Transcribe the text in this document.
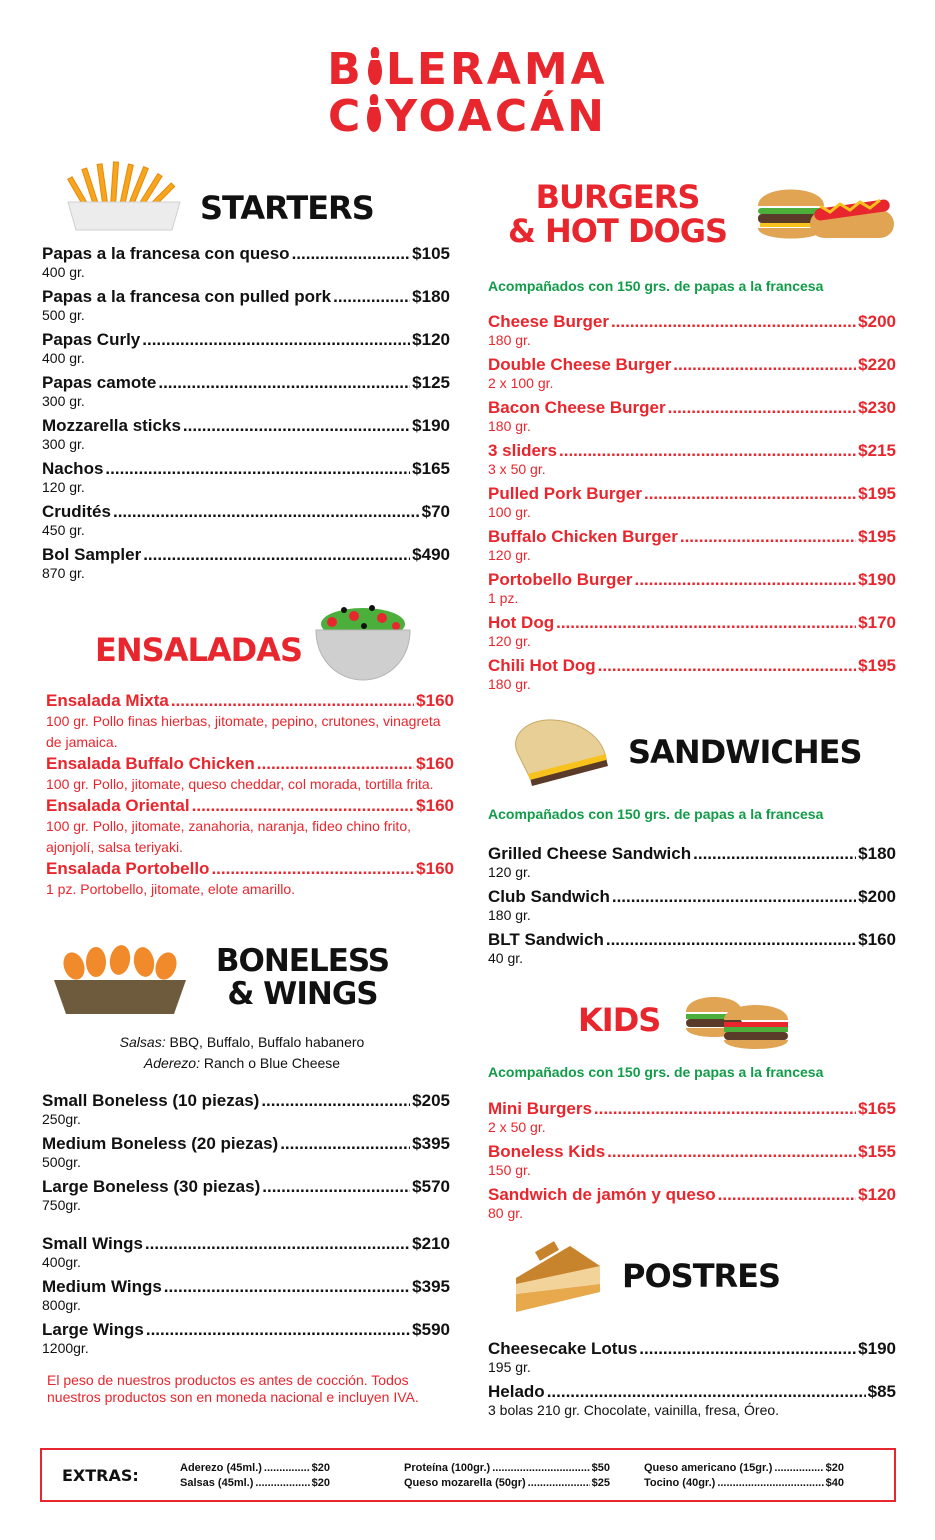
B LERAMA
C YOACÁN
STARTERS
Papas a la francesa con queso .....	$105
400 gr.
Papas a la francesa con pulled pork .....	$180
500 gr.
Papas Curly .....	$120
400 gr.
Papas camote .....	$125
300 gr.
Mozzarella sticks .....	$190
300 gr.
Nachos .....	$165
120 gr.
Crudités .....	$70
450 gr.
Bol Sampler .....	$490
870 gr.
ENSALADAS
Ensalada Mixta .....	$160
100 gr. Pollo finas hierbas, jitomate, pepino, crutones, vinagreta de jamaica.
Ensalada Buffalo Chicken .....	$160
100 gr. Pollo, jitomate, queso cheddar, col morada, tortilla frita.
Ensalada Oriental .....	$160
100 gr. Pollo, jitomate, zanahoria, naranja, fideo chino frito, ajonjolí, salsa teriyaki.
Ensalada Portobello .....	$160
1 pz. Portobello, jitomate, elote amarillo.
BONELESS
& WINGS
Salsas: BBQ, Buffalo, Buffalo habanero
Aderezo: Ranch o Blue Cheese
Small Boneless (10 piezas) .....	$205
250gr.
Medium Boneless (20 piezas) .....	$395
500gr.
Large Boneless (30 piezas) .....	$570
750gr.
Small Wings .....	$210
400gr.
Medium Wings .....	$395
800gr.
Large Wings .....	$590
1200gr.
El peso de nuestros productos es antes de cocción. Todos nuestros productos son en moneda nacional e incluyen IVA.
BURGERS
& HOT DOGS
Acompañados con 150 grs. de papas a la francesa
Cheese Burger .....	$200
180 gr.
Double Cheese Burger .....	$220
2 x 100 gr.
Bacon Cheese Burger .....	$230
180 gr.
3 sliders .....	$215
3 x 50 gr.
Pulled Pork Burger .....	$195
100 gr.
Buffalo Chicken Burger .....	$195
120 gr.
Portobello Burger .....	$190
1 pz.
Hot Dog .....	$170
120 gr.
Chili Hot Dog .....	$195
180 gr.
SANDWICHES
Acompañados con 150 grs. de papas a la francesa
Grilled Cheese Sandwich .....	$180
120 gr.
Club Sandwich .....	$200
180 gr.
BLT Sandwich .....	$160
40 gr.
KIDS
Acompañados con 150 grs. de papas a la francesa
Mini Burgers .....	$165
2 x 50 gr.
Boneless Kids .....	$155
150 gr.
Sandwich de jamón y queso .....	$120
80 gr.
POSTRES
Cheesecake Lotus .....	$190
195 gr.
Helado .....	$85
3 bolas 210 gr. Chocolate, vainilla, fresa, Óreo.
EXTRAS:	Aderezo (45ml.) .....	$20
Salsas (45ml.) .....	$20
Proteína (100gr.) .....	$50
Queso mozarella (50gr) .....	$25
Queso americano (15gr.) .....	$20
Tocino (40gr.) .....	$40
